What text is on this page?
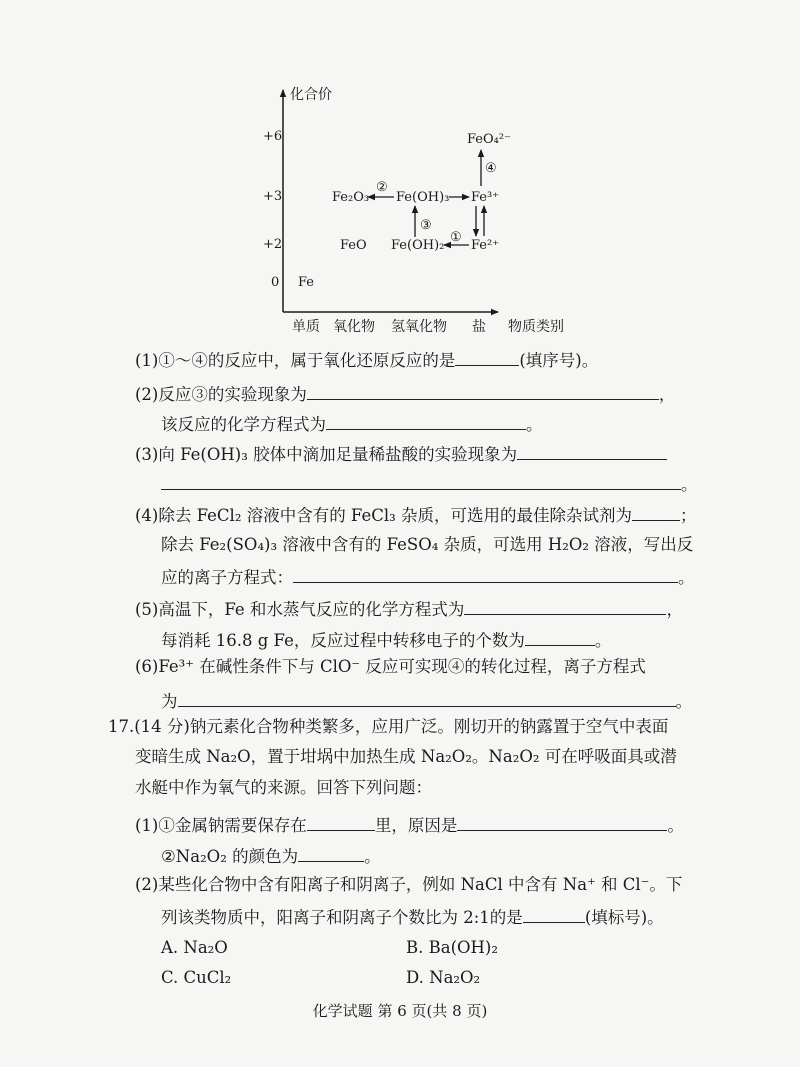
化合价
+6
+3
+2
0
单质 氧化物 氢氧化物 盐 物质类别
Fe
FeO
Fe₂O₃ Fe(OH)₃
Fe(OH)₂
Fe³⁺
Fe²⁺
FeO₄²⁻
②
③
①
④
(1)①～④的反应中，属于氧化还原反应的是	(填序号)。
(2)反应③的实验现象为	，
该反应的化学方程式为	。
(3)向 Fe(OH)₃ 胶体中滴加足量稀盐酸的实验现象为
。
(4)除去 FeCl₂ 溶液中含有的 FeCl₃ 杂质，可选用的最佳除杂试剂为	；
除去 Fe₂(SO₄)₃ 溶液中含有的 FeSO₄ 杂质，可选用 H₂O₂ 溶液，写出反
应的离子方程式：	。
(5)高温下，Fe 和水蒸气反应的化学方程式为	，
每消耗 16.8 g Fe，反应过程中转移电子的个数为	。
(6)Fe³⁺ 在碱性条件下与 ClO⁻ 反应可实现④的转化过程，离子方程式
为	。
17.(14 分)钠元素化合物种类繁多，应用广泛。刚切开的钠露置于空气中表面
变暗生成 Na₂O，置于坩埚中加热生成 Na₂O₂。Na₂O₂ 可在呼吸面具或潜
水艇中作为氧气的来源。回答下列问题：
(1)①金属钠需要保存在	里，原因是	。
②Na₂O₂ 的颜色为	。
(2)某些化合物中含有阳离子和阴离子，例如 NaCl 中含有 Na⁺ 和 Cl⁻。下
列该类物质中，阳离子和阴离子个数比为 2:1的是	(填标号)。
A. Na₂O	B. Ba(OH)₂
C. CuCl₂	D. Na₂O₂
化学试题 第 6 页(共 8 页)
